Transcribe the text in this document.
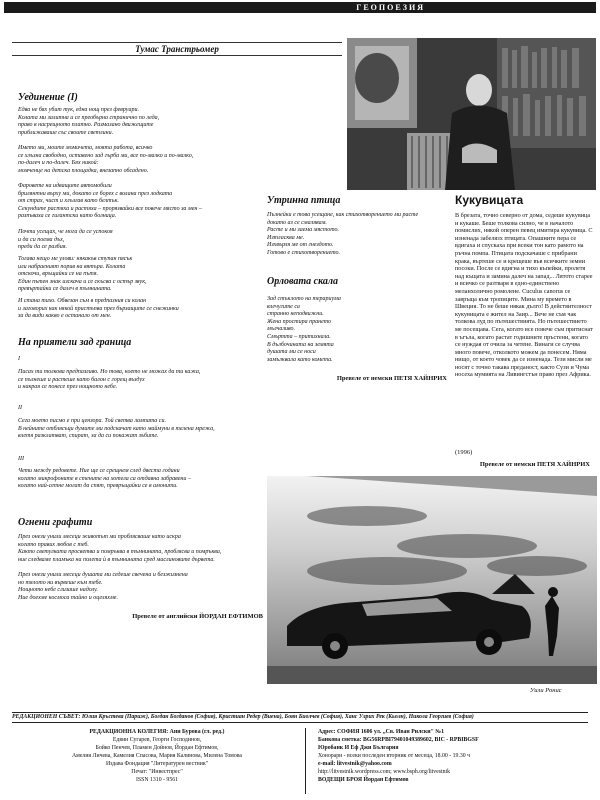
ГЕОПОЕЗИЯ
Тумас Транстрьомер
Уединение (I)
Едва не бях убит тук, една нощ през февруари.
Колата ми залитна и се преобърна странично по леда,
право в насрещното платно. Размазано движещите
приближаваше със своите светлини.
Името ми, моите момичета, моята работа, всичко
се хлъзна свободно, оставено зад гърба ми, все по-малко и по-малко,
по-далеч и по-далеч. Бях никой:
момченце на детска площадка, внезапно обсадено.
Фаровете на идващите автомобили
брилянтни върху ми, докато се борех с волана през лодката
от страх, чист и хлъзгав като белтък.
Секундите растяха и растяха – прорязвайки все повече място за мен –
разпъваха се гигантски като болница.
Почти усещах, че мога да се успокоя
и да си поема дъх,
преди да се разбия.
Тогава нещо ме улови: някакъв ступан пясък
или набраеният порив на вятъра. Колата
отскочи, връщайки се на пътя.
Един пътен знак изскача и се скъсва с остър звук,
превъртайки се далеч в тъмнината.
И стана тихо. Обвезан съм в предпазния си колан
и заговорих как някой пристъпва през бързащите се снежинки
за да види какво е останало от мен.
На приятели зад граница
I
Писах ти толкова предпазливо. Но това, което не можах да ти кажа,
се пълнеше и растеше като балон с горещ въздух
и накрая се понесе през нощното небе.
II
Сега моето писмо е при цензора. Той светва лампата си.
В нейните отблясъци думите ми подскачат като маймуни в телена мрежа,
влетя разклатват, спират, за да си покажат зъбите.
III
Чети между редовете. Ние ще се срещнем след двеста години
когато микрофоните в стените на хотела са отдавна забравени –
когато най-сетне могат да спят, превръщайки се в амонити.
Огнени графити
През онези унили месеци животът ми проблясваше като искра
когато правих любов с теб.
Както светулката просветва и помръква в тъмнината, проблясва и помръква,
ние следваме пламъка на полета ѝ в тъмнината сред маслиновите дървета.

През онези унили месеци душата ми седеше свечена и безжизнена
но тялото ни вървеше към тебе.
Нощното небе слизаше надолу.
Ние доехме космоса тайно и оцеляхме.
Превеле от английски ЙОРДАН ЕФТИМОВ
Утринна птица
Пълнейки е това усещане, как стихотворението ми расте
докато аз се смалявам.
Расте и ми заема мястото.
Изтласква ме.
Изхвърля ме от гнездото.
Готово е стихотворението.
Орловата скала
Зад стъклото на терариума
влечугите са
странно неподвижни.
Жена простира прането
мълчаливо.
Смъртта – притихнала.
В дълбочината на земята
душата ми се носи
замълквала като комета.
Превеле от немски ПЕТЯ ХАЙНРИХ
Кукувицата
В брезата, точно северно от дома, седеше кукувица и кукаше. Беше толкова силно, че в началото помислих, някой оперен певец имитира кукувица. С изненада забелязх птицата. Опашните пера се вдигаха и спускаха при всеки тон като рамото на ръчна помпа. Птицата подскачаше с прибрани крака, въртеше се и крещеше във всичките земни посоки. После се вдигна и тихо къпейки, пролетя над къщата и замина далеч на запад... Лятото старее и всичко се разтваря в едно-единствено меланхолично ромолене. Cuculus canorus се завръща към тропиците. Мина му времето в Швеция. То не беше някак дълго! В действителност кукувицата е жител на Заир... Вече не съм чак толкова луд по пътешествията. Но пътешествието ме посещава. Сега, когато все повече съм притиснат в ъгъла, когато растат годишните пръстени, когато се нуждая от очила за четене. Винаги се случва много повече, отколкото можем да понесем. Няма нищо, от което човек да се изненада. Тези мисли ме носят с точно такава преданост, както Сузи и Чума носеха мумията на Ливингстън право през Африка.
(1996)
Превеле от немски ПЕТЯ ХАЙНРИХ
Уили Ронис
РЕДАКЦИОНЕН СЪВЕТ: Юлия Кръстева (Париж), Богдан Богданов (София), Кристиан Редер (Виена), Боян Биолчев (София), Ханс Улрих Рек (Кьолн), Никола Георгиев (София)
РЕДАКЦИОННА КОЛЕГИЯ: Ани Бурова (гл. ред.)
Едвин Сугарев, Георги Господинов,
Бойко Пенчев, Пламен Дойнов, Йордан Ефтимов,
Амелия Личева, Камелия Спасова, Мария Калинова, Милена Томова
Издава Фондация "Литературен вестник"
Печат: "Инвестпрес"
ISSN 1310 - 9561
Адрес: СОФИЯ 1606 ул. „Св. Иван Рилски" №1
Банкова сметка: BG56RPBI79401049389602, BIC - RPBIBGSF
Юробанк И Еф Джи България
Хонорари - всеки последен вторник от месеца, 18.00 - 19.30 ч
e-mail: litvestnik@yahoo.com
http://litvestnik.wordpress.com; www.bsph.org/litvestnik
ВОДЕЩИ БРОЯ Йордан Ефтимов
